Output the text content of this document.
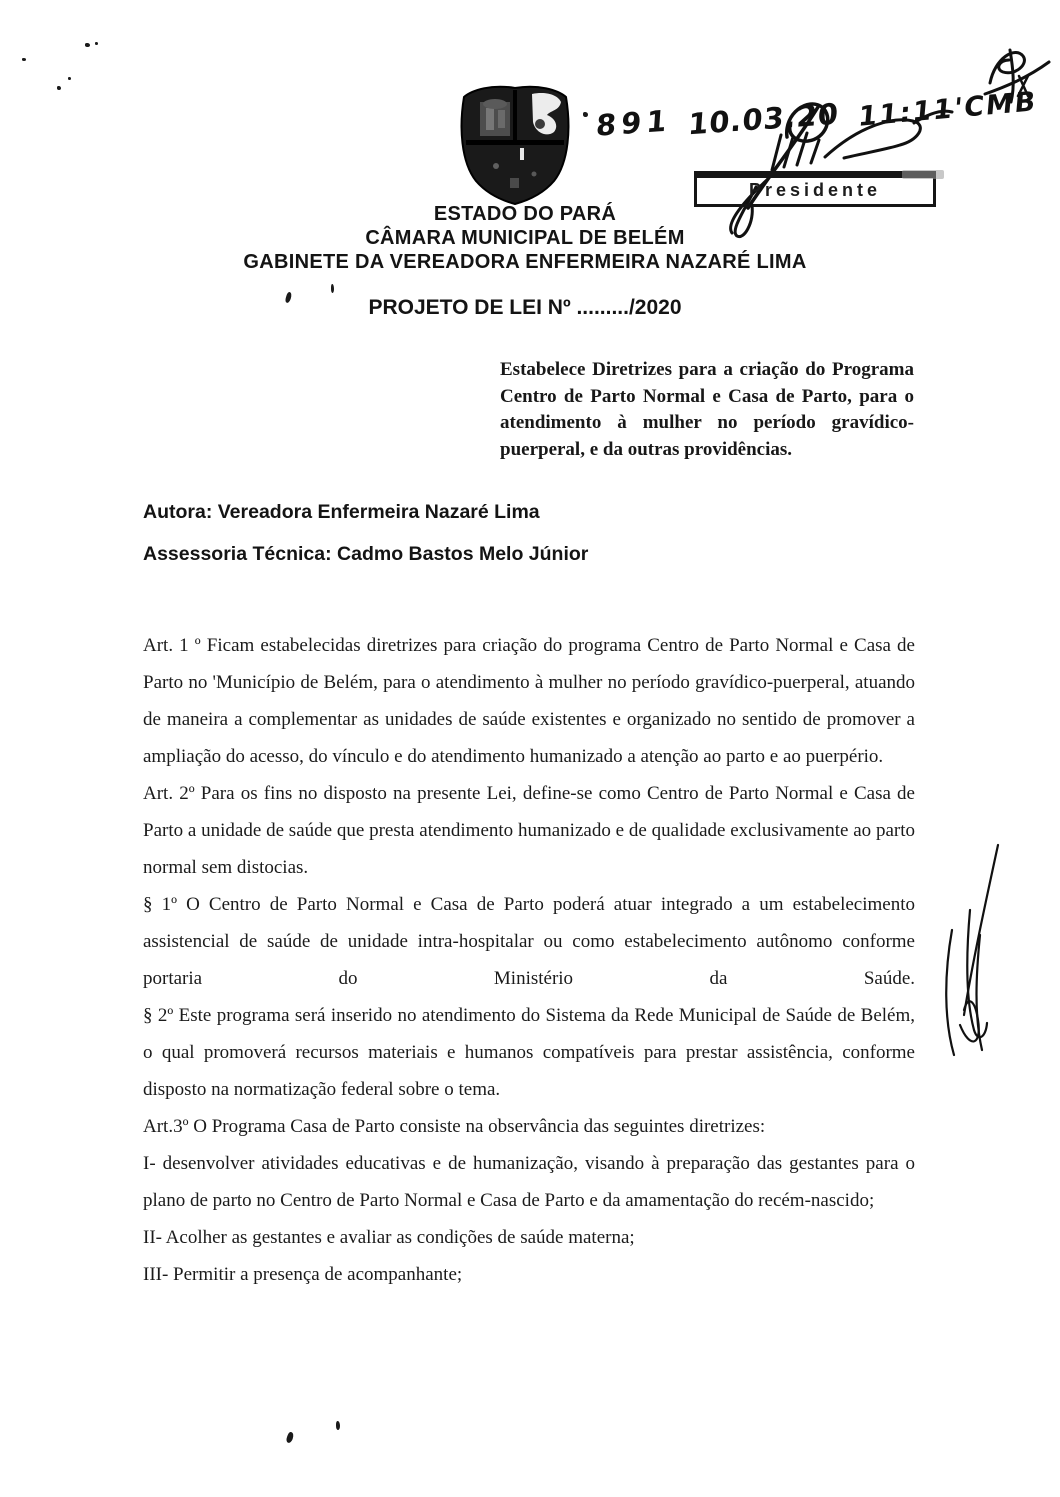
891 10.03.20 11:11'CMB
Presidente
ESTADO DO PARÁ
CÂMARA MUNICIPAL DE BELÉM
GABINETE DA VEREADORA ENFERMEIRA NAZARÉ LIMA
PROJETO DE LEI Nº ........./2020
Estabelece Diretrizes para a criação do Programa Centro de Parto Normal e Casa de Parto, para o atendimento à mulher no período gravídico-puerperal, e da outras providências.
Autora: Vereadora Enfermeira Nazaré Lima
Assessoria Técnica: Cadmo Bastos Melo Júnior

Art. 1 º Ficam estabelecidas diretrizes para criação do programa Centro de Parto Normal e Casa de Parto no 'Município de Belém, para o atendimento à mulher no período gravídico-puerperal, atuando de maneira a complementar as unidades de saúde existentes e organizado no sentido de promover a ampliação do acesso, do vínculo e do atendimento humanizado a atenção ao parto e ao puerpério.

Art. 2º Para os fins no disposto na presente Lei, define-se como Centro de Parto Normal e Casa de Parto a unidade de saúde que presta atendimento humanizado e de qualidade exclusivamente ao parto normal sem distocias.

§ 1º O Centro de Parto Normal e Casa de Parto poderá atuar integrado a um estabelecimento assistencial de saúde de unidade intra-hospitalar ou como estabelecimento autônomo conforme portaria do Ministério da Saúde.

§ 2º Este programa será inserido no atendimento do Sistema da Rede Municipal de Saúde de Belém, o qual promoverá recursos materiais e humanos compatíveis para prestar assistência, conforme disposto na normatização federal sobre o tema.

Art.3º O Programa Casa de Parto consiste na observância das seguintes diretrizes:

I- desenvolver atividades educativas e de humanização, visando à preparação das gestantes para o plano de parto no Centro de Parto Normal e Casa de Parto e da amamentação do recém-nascido;

II- Acolher as gestantes e avaliar as condições de saúde materna;

III- Permitir a presença de acompanhante;
